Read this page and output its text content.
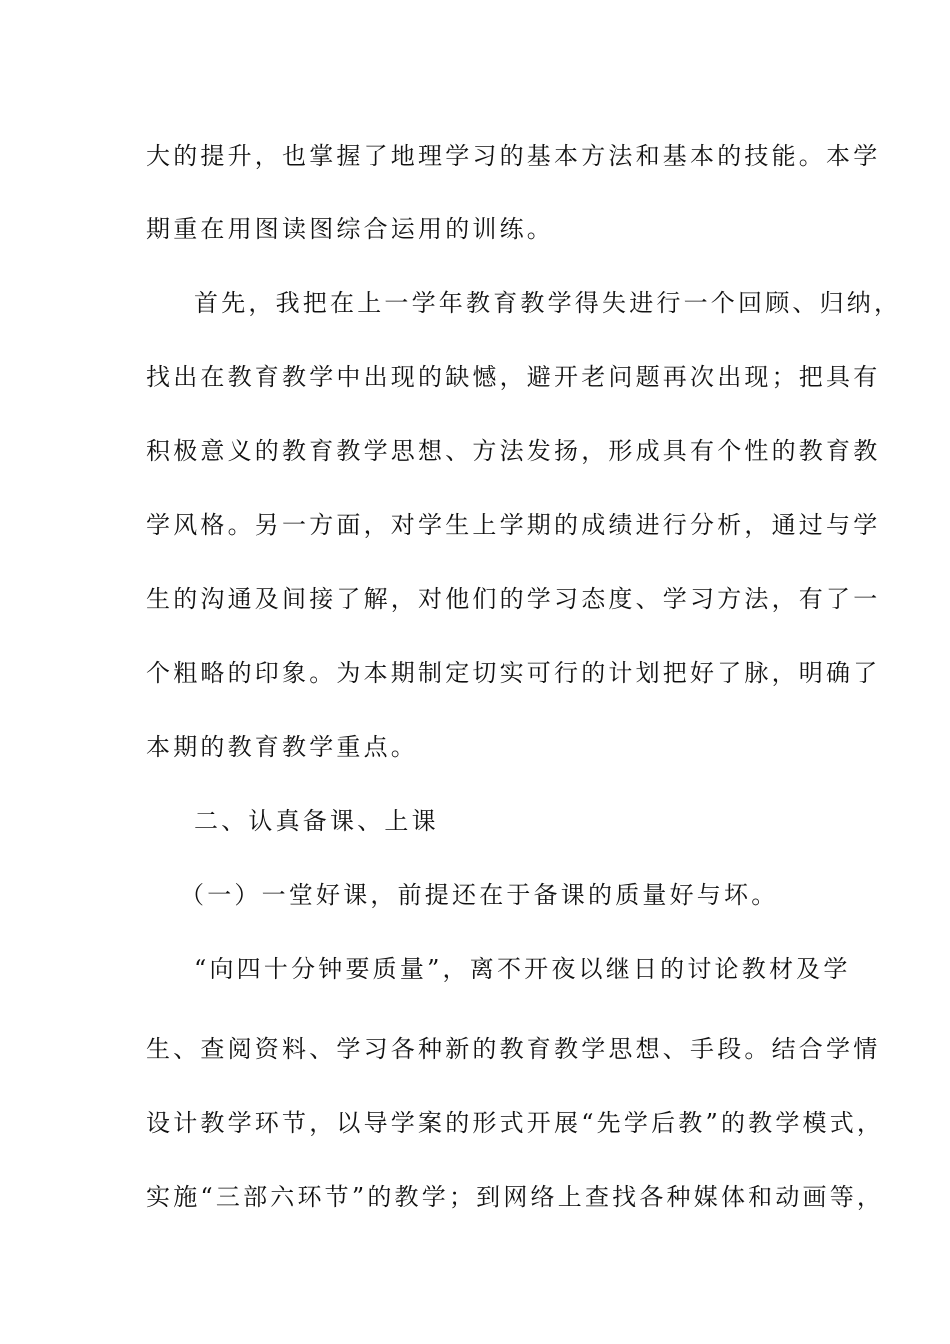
大的提升，也掌握了地理学习的基本方法和基本的技能。本学
期重在用图读图综合运用的训练。
首先，我把在上一学年教育教学得失进行一个回顾、归纳，
找出在教育教学中出现的缺憾，避开老问题再次出现；把具有
积极意义的教育教学思想、方法发扬，形成具有个性的教育教
学风格。另一方面，对学生上学期的成绩进行分析，通过与学
生的沟通及间接了解，对他们的学习态度、学习方法，有了一
个粗略的印象。为本期制定切实可行的计划把好了脉，明确了
本期的教育教学重点。
二、认真备课、上课
（一）一堂好课，前提还在于备课的质量好与坏。
“向四十分钟要质量”，离不开夜以继日的讨论教材及学
生、查阅资料、学习各种新的教育教学思想、手段。结合学情
设计教学环节，以导学案的形式开展“先学后教”的教学模式，
实施“三部六环节”的教学；到网络上查找各种媒体和动画等，
